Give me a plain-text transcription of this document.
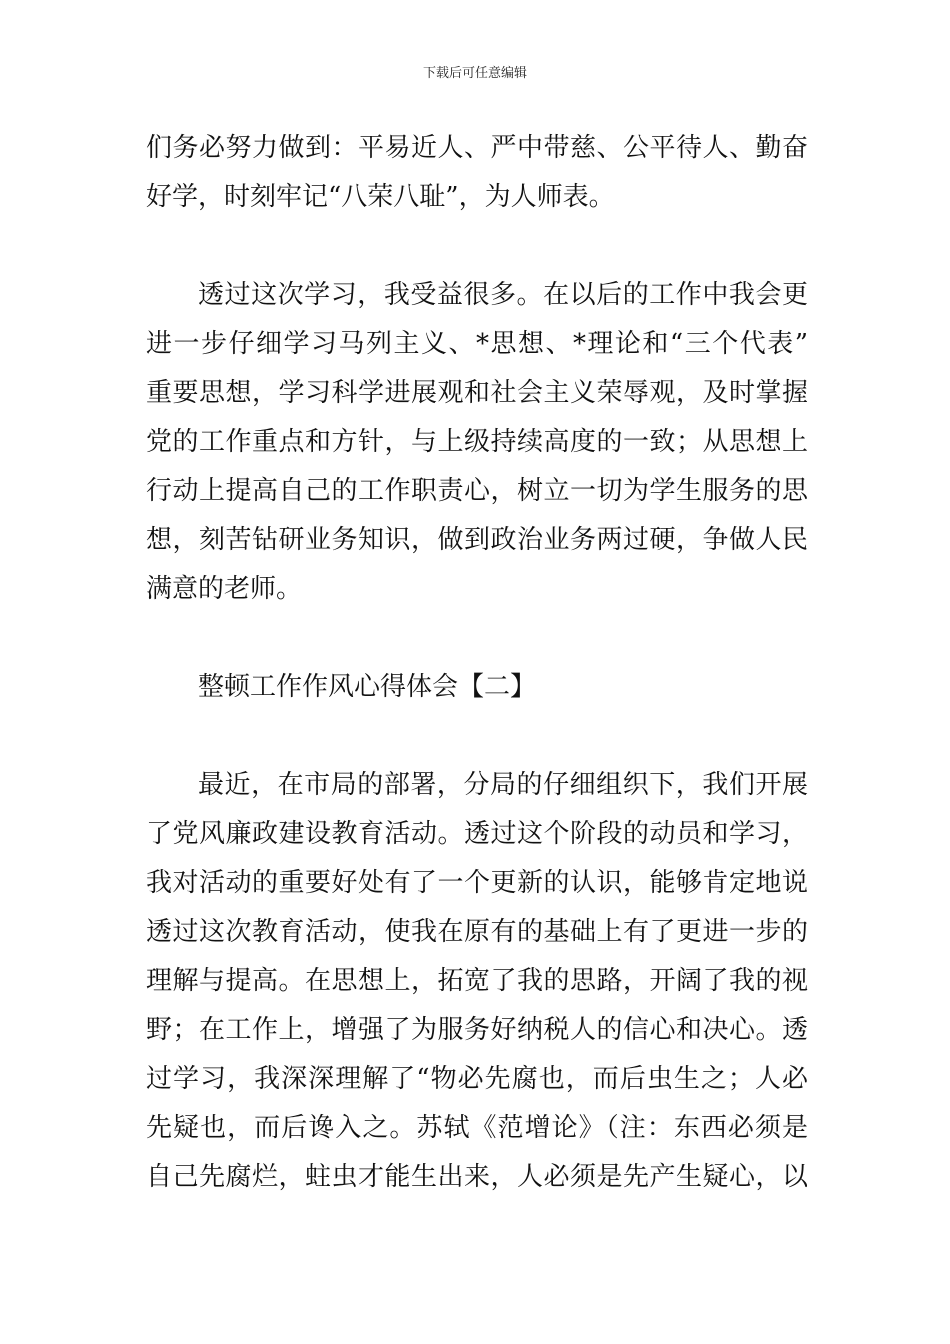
下载后可任意编辑
们务必努力做到：平易近人、严中带慈、公平待人、勤奋
好学，时刻牢记“八荣八耻”，为人师表。
透过这次学习，我受益很多。在以后的工作中我会更
进一步仔细学习马列主义、*思想、*理论和“三个代表”
重要思想，学习科学进展观和社会主义荣辱观，及时掌握
党的工作重点和方针，与上级持续高度的一致；从思想上
行动上提高自己的工作职责心，树立一切为学生服务的思
想，刻苦钻研业务知识，做到政治业务两过硬，争做人民
满意的老师。
整顿工作作风心得体会【二】
最近，在市局的部署，分局的仔细组织下，我们开展
了党风廉政建设教育活动。透过这个阶段的动员和学习，
我对活动的重要好处有了一个更新的认识，能够肯定地说
透过这次教育活动，使我在原有的基础上有了更进一步的
理解与提高。在思想上，拓宽了我的思路，开阔了我的视
野；在工作上，增强了为服务好纳税人的信心和决心。透
过学习，我深深理解了“物必先腐也，而后虫生之；人必
先疑也，而后谗入之。苏轼《范增论》（注：东西必须是
自己先腐烂，蛀虫才能生出来，人必须是先产生疑心，以
